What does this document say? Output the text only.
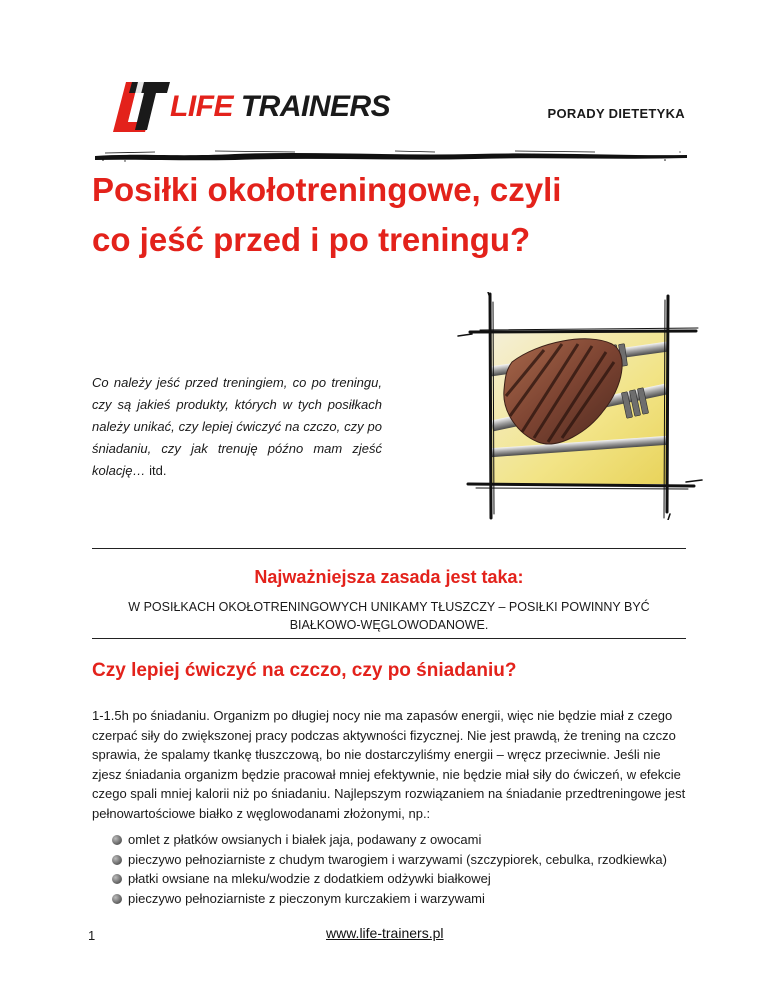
LIFE TRAINERS	PORADY DIETETYKA
Posiłki okołotreningowe, czyli
co jeść przed i po treningu?
Co należy jeść przed treningiem, co po treningu, czy są jakieś produkty, których w tych posiłkach należy unikać, czy lepiej ćwiczyć na czczo, czy po śniadaniu, czy jak trenuję późno mam zjeść kolację… itd.
Najważniejsza zasada jest taka:
W POSIŁKACH OKOŁOTRENINGOWYCH UNIKAMY TŁUSZCZY – POSIŁKI POWINNY BYĆ BIAŁKOWO-WĘGLOWODANOWE.
Czy lepiej ćwiczyć na czczo, czy po śniadaniu?
1-1.5h po śniadaniu. Organizm po długiej nocy nie ma zapasów energii, więc nie będzie miał z czego czerpać siły do zwiększonej pracy podczas aktywności fizycznej. Nie jest prawdą, że trening na czczo sprawia, że spalamy tkankę tłuszczową, bo nie dostarczyliśmy energii – wręcz przeciwnie. Jeśli nie zjesz śniadania organizm będzie pracował mniej efektywnie, nie będzie miał siły do ćwiczeń, w efekcie czego spali mniej kalorii niż po śniadaniu. Najlepszym rozwiązaniem na śniadanie przedtreningowe jest pełnowartościowe białko z węglowodanami złożonymi, np.:
omlet z płatków owsianych i białek jaja, podawany z owocami
pieczywo pełnoziarniste z chudym twarogiem i warzywami (szczypiorek, cebulka, rzodkiewka)
płatki owsiane na mleku/wodzie z dodatkiem odżywki białkowej
pieczywo pełnoziarniste z pieczonym kurczakiem i warzywami
1	www.life-trainers.pl
